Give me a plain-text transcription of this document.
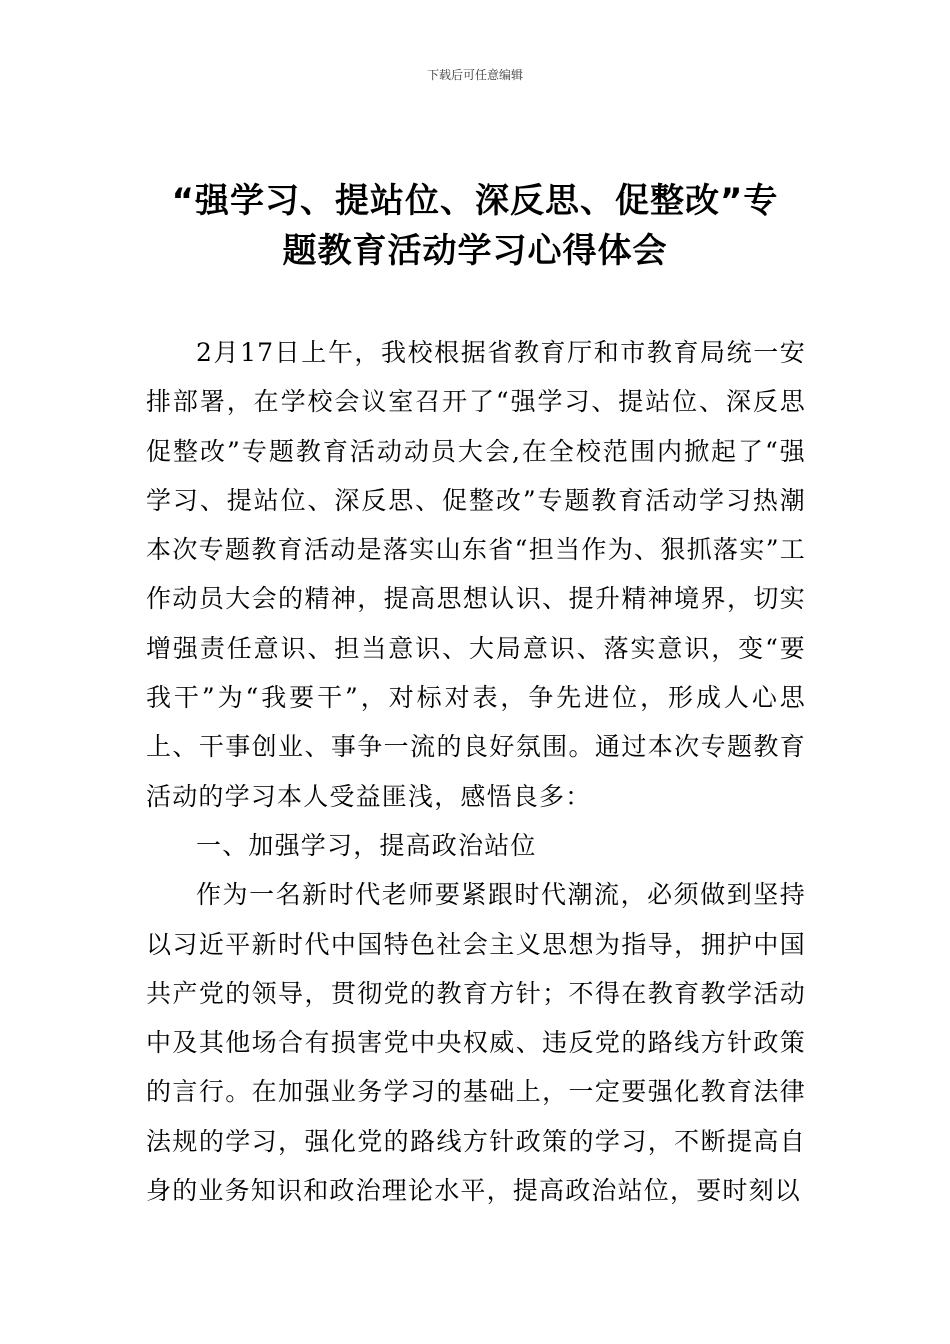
下载后可任意编辑
“强学习、提站位、深反思、促整改”专
题教育活动学习心得体会

2月17日上午，我校根据省教育厅和市教育局统一安排部署，在学校会议室召开了“强学习、提站位、深反思促整改”专题教育活动动员大会,在全校范围内掀起了“强学习、提站位、深反思、促整改”专题教育活动学习热潮本次专题教育活动是落实山东省“担当作为、狠抓落实”工作动员大会的精神，提高思想认识、提升精神境界，切实增强责任意识、担当意识、大局意识、落实意识，变“要我干”为“我要干”，对标对表，争先进位，形成人心思上、干事创业、事争一流的良好氛围。通过本次专题教育活动的学习本人受益匪浅，感悟良多：

一、加强学习，提高政治站位

作为一名新时代老师要紧跟时代潮流，必须做到坚持以习近平新时代中国特色社会主义思想为指导，拥护中国共产党的领导，贯彻党的教育方针；不得在教育教学活动中及其他场合有损害党中央权威、违反党的路线方针政策的言行。在加强业务学习的基础上，一定要强化教育法律法规的学习，强化党的路线方针政策的学习，不断提高自身的业务知识和政治理论水平，提高政治站位，要时刻以
